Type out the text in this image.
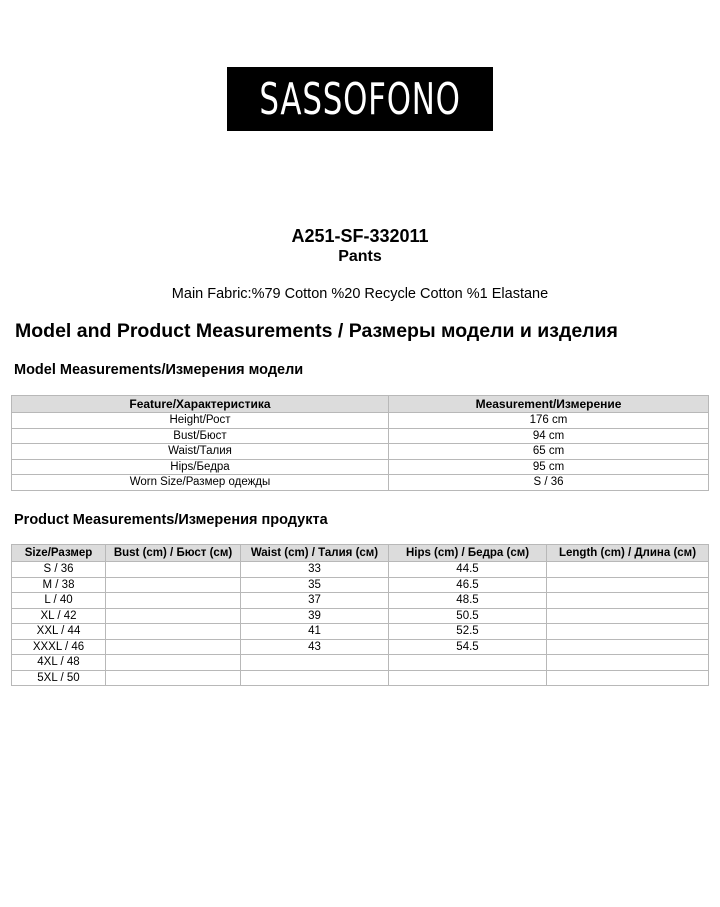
SASSOFONO
A251-SF-332011
Pants
Main Fabric:%79 Cotton %20 Recycle Cotton %1 Elastane
Model and Product Measurements / Размеры модели и изделия
Model Measurements/Измерения модели
Feature/Характеристика	Measurement/Измерение
Height/Рост	176 cm
Bust/Бюст	94 cm
Waist/Талия	65 cm
Hips/Бедра	95 cm
Worn Size/Размер одежды	S / 36
Product Measurements/Измерения продукта
Size/Размер	Bust (cm) / Бюст (см)	Waist (cm) / Талия (см)	Hips (cm) / Бедра (см)	Length (cm) / Длина (см)
S / 36		33	44.5	
M / 38		35	46.5	
L / 40		37	48.5	
XL / 42		39	50.5	
XXL / 44		41	52.5	
XXXL / 46		43	54.5	
4XL / 48				
5XL / 50				
